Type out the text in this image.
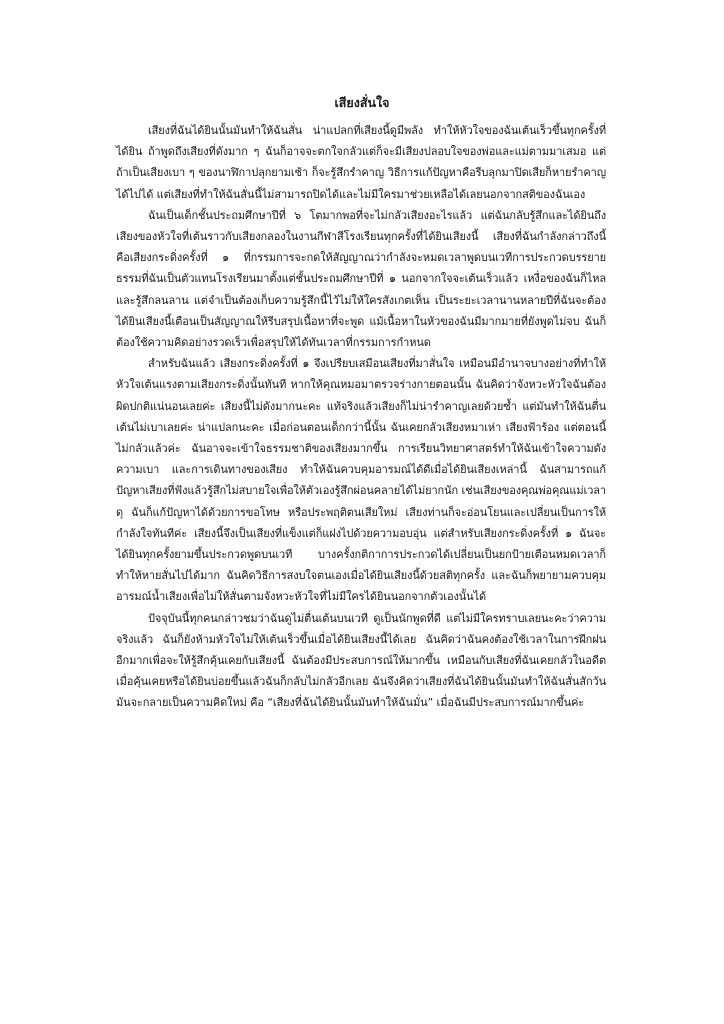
เสียงสั่นใจ

เสียงที่ฉันได้ยินนั้นมันทำให้ฉันสั่น น่าแปลกที่เสียงนี้ดูมีพลัง ทำให้หัวใจของฉันเต้นเร็วขึ้นทุกครั้งที่ได้ยิน ถ้าพูดถึงเสียงที่ดังมาก ๆ ฉันก็อาจจะตกใจกลัวแต่ก็จะมีเสียงปลอบใจของพ่อและแม่ตามมาเสมอ แต่ถ้าเป็นเสียงเบา ๆ ของนาฬิกาปลุกยามเช้า ก็จะรู้สึกรำคาญ วิธีการแก้ปัญหาคือรีบลุกมาปิดเสียก็หายรำคาญได้ไปได้ แต่เสียงที่ทำให้ฉันสั่นนี้ไม่สามารถปิดได้และไม่มีใครมาช่วยเหลือได้เลยนอกจากสติของฉันเอง

ฉันเป็นเด็กชั้นประถมศึกษาปีที่ ๖ โตมากพอที่จะไม่กลัวเสียงอะไรแล้ว แต่ฉันกลับรู้สึกและได้ยินถึงเสียงของหัวใจที่เต้นราวกับเสียงกลองในงานกีฬาสีโรงเรียนทุกครั้งที่ได้ยินเสียงนี้ เสียงที่ฉันกำลังกล่าวถึงนี้คือเสียงกระดิ่งครั้งที่ ๑ ที่กรรมการจะกดให้สัญญาณว่ากำลังจะหมดเวลาพูดบนเวทีการประกวดบรรยายธรรมที่ฉันเป็นตัวแทนโรงเรียนมาตั้งแต่ชั้นประถมศึกษาปีที่ ๑ นอกจากใจจะเต้นเร็วแล้ว เหงื่อของฉันก็ไหลและรู้สึกลนลาน แต่จำเป็นต้องเก็บความรู้สึกนี้ไว้ไม่ให้ใครสังเกตเห็น เป็นระยะเวลานานหลายปีที่ฉันจะต้องได้ยินเสียงนี้เตือนเป็นสัญญาณให้รีบสรุปเนื้อหาที่จะพูด แม้เนื้อหาในหัวของฉันมีมากมายที่ยังพูดไม่จบ ฉันก็ต้องใช้ความคิดอย่างรวดเร็วเพื่อสรุปให้ได้ทันเวลาที่กรรมการกำหนด

สำหรับฉันแล้ว เสียงกระดิ่งครั้งที่ ๑ จึงเปรียบเสมือนเสียงที่มาสั่นใจ เหมือนมีอำนาจบางอย่างที่ทำให้หัวใจเต้นแรงตามเสียงกระดิ่งนั้นทันที หากให้คุณหมอมาตรวจร่างกายตอนนั้น ฉันคิดว่าจังหวะหัวใจฉันต้องผิดปกติแน่นอนเลยค่ะ เสียงนี้ไม่ดังมากนะคะ แท้จริงแล้วเสียงก็ไม่น่ารำคาญเลยด้วยซ้ำ แต่มันทำให้ฉันตื่นเต้นไม่เบาเลยค่ะ น่าแปลกนะคะ เมื่อก่อนตอนเด็กกว่านี้นั้น ฉันเคยกลัวเสียงหมาเห่า เสียงฟ้าร้อง แต่ตอนนี้ไม่กลัวแล้วค่ะ ฉันอาจจะเข้าใจธรรมชาติของเสียงมากขึ้น การเรียนวิทยาศาสตร์ทำให้ฉันเข้าใจความดังความเบา และการเดินทางของเสียง ทำให้ฉันควบคุมอารมณ์ได้ดีเมื่อได้ยินเสียงเหล่านี้ ฉันสามารถแก้ปัญหาเสียงที่ฟังแล้วรู้สึกไม่สบายใจเพื่อให้ตัวเองรู้สึกผ่อนคลายได้ไม่ยากนัก เช่นเสียงของคุณพ่อคุณแม่เวลาดุ ฉันก็แก้ปัญหาได้ด้วยการขอโทษ หรือประพฤติตนเสียใหม่ เสียงท่านก็จะอ่อนโยนและเปลี่ยนเป็นการให้กำลังใจทันทีค่ะ เสียงนี้จึงเป็นเสียงที่แข็งแต่ก็แฝงไปด้วยความอบอุ่น แต่สำหรับเสียงกระดิ่งครั้งที่ ๑ ฉันจะได้ยินทุกครั้งยามขึ้นประกวดพูดบนเวที บางครั้งกติกาการประกวดได้เปลี่ยนเป็นยกป้ายเตือนหมดเวลาก็ทำให้หายสั่นไปได้มาก ฉันคิดวิธีการสงบใจตนเองเมื่อได้ยินเสียงนี้ด้วยสติทุกครั้ง และฉันก็พยายามควบคุมอารมณ์น้ำเสียงเพื่อไม่ให้สั่นตามจังหวะหัวใจที่ไม่มีใครได้ยินนอกจากตัวเองนั้นได้

ปัจจุบันนี้ทุกคนกล่าวชมว่าฉันดูไม่ตื่นเต้นบนเวที ดูเป็นนักพูดที่ดี แต่ไม่มีใครทราบเลยนะคะว่าความจริงแล้ว ฉันก็ยังห้ามหัวใจไม่ให้เต้นเร็วขึ้นเมื่อได้ยินเสียงนี้ได้เลย ฉันคิดว่าฉันคงต้องใช้เวลาในการฝึกฝนอีกมากเพื่อจะให้รู้สึกคุ้นเคยกับเสียงนี้ ฉันต้องมีประสบการณ์ให้มากขึ้น เหมือนกับเสียงที่ฉันเคยกลัวในอดีต เมื่อคุ้นเคยหรือได้ยินบ่อยขึ้นแล้วฉันก็กลับไม่กลัวอีกเลย ฉันจึงคิดว่าเสียงที่ฉันได้ยินนั้นมันทำให้ฉันสั่นสักวันมันจะกลายเป็นความคิดใหม่ คือ “เสียงที่ฉันได้ยินนั้นมันทำให้ฉันมั่น” เมื่อฉันมีประสบการณ์มากขึ้นค่ะ
